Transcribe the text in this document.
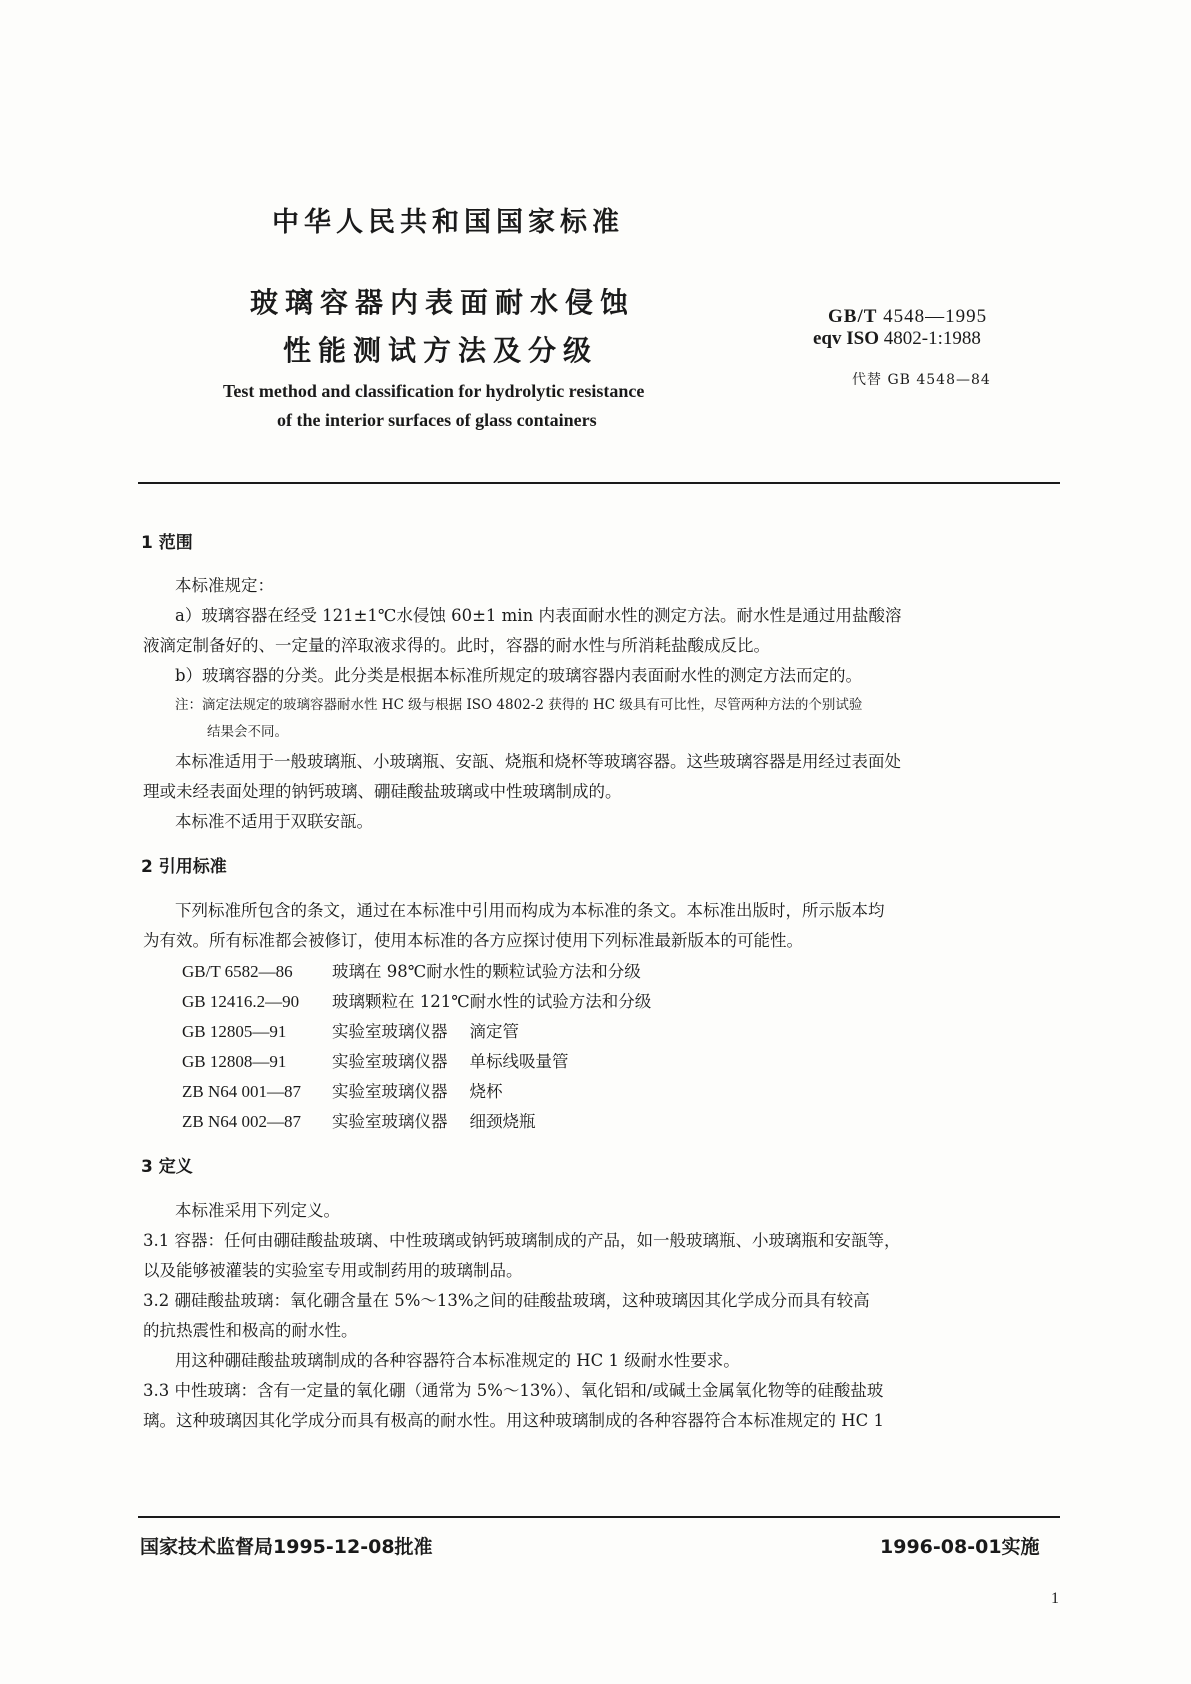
中华人民共和国国家标准
玻璃容器内表面耐水侵蚀
性能测试方法及分级
Test method and classification for hydrolytic resistance
of the interior surfaces of glass containers
GB/T 4548—1995
eqv ISO 4802-1:1988
代替 GB 4548—84
1 范围
本标准规定：
a）玻璃容器在经受 121±1℃水侵蚀 60±1 min 内表面耐水性的测定方法。耐水性是通过用盐酸溶
液滴定制备好的、一定量的淬取液求得的。此时，容器的耐水性与所消耗盐酸成反比。
b）玻璃容器的分类。此分类是根据本标准所规定的玻璃容器内表面耐水性的测定方法而定的。
注：滴定法规定的玻璃容器耐水性 HC 级与根据 ISO 4802-2 获得的 HC 级具有可比性，尽管两种方法的个别试验
结果会不同。
本标准适用于一般玻璃瓶、小玻璃瓶、安瓿、烧瓶和烧杯等玻璃容器。这些玻璃容器是用经过表面处
理或未经表面处理的钠钙玻璃、硼硅酸盐玻璃或中性玻璃制成的。
本标准不适用于双联安瓿。
2 引用标准
下列标准所包含的条文，通过在本标准中引用而构成为本标准的条文。本标准出版时，所示版本均
为有效。所有标准都会被修订，使用本标准的各方应探讨使用下列标准最新版本的可能性。
GB/T 6582—86 玻璃在 98℃耐水性的颗粒试验方法和分级
GB 12416.2—90 玻璃颗粒在 121℃耐水性的试验方法和分级
GB 12805—91	实验室玻璃仪器 滴定管
GB 12808—91	实验室玻璃仪器 单标线吸量管
ZB N64 001—87 实验室玻璃仪器 烧杯
ZB N64 002—87 实验室玻璃仪器 细颈烧瓶
3 定义
本标准采用下列定义。
3.1 容器：任何由硼硅酸盐玻璃、中性玻璃或钠钙玻璃制成的产品，如一般玻璃瓶、小玻璃瓶和安瓿等，
以及能够被灌装的实验室专用或制药用的玻璃制品。
3.2 硼硅酸盐玻璃：氧化硼含量在 5%～13%之间的硅酸盐玻璃，这种玻璃因其化学成分而具有较高
的抗热震性和极高的耐水性。
用这种硼硅酸盐玻璃制成的各种容器符合本标准规定的 HC 1 级耐水性要求。
3.3 中性玻璃：含有一定量的氧化硼（通常为 5%～13%）、氧化铝和/或碱土金属氧化物等的硅酸盐玻
璃。这种玻璃因其化学成分而具有极高的耐水性。用这种玻璃制成的各种容器符合本标准规定的 HC 1
国家技术监督局1995-12-08批准	1996-08-01实施
1
